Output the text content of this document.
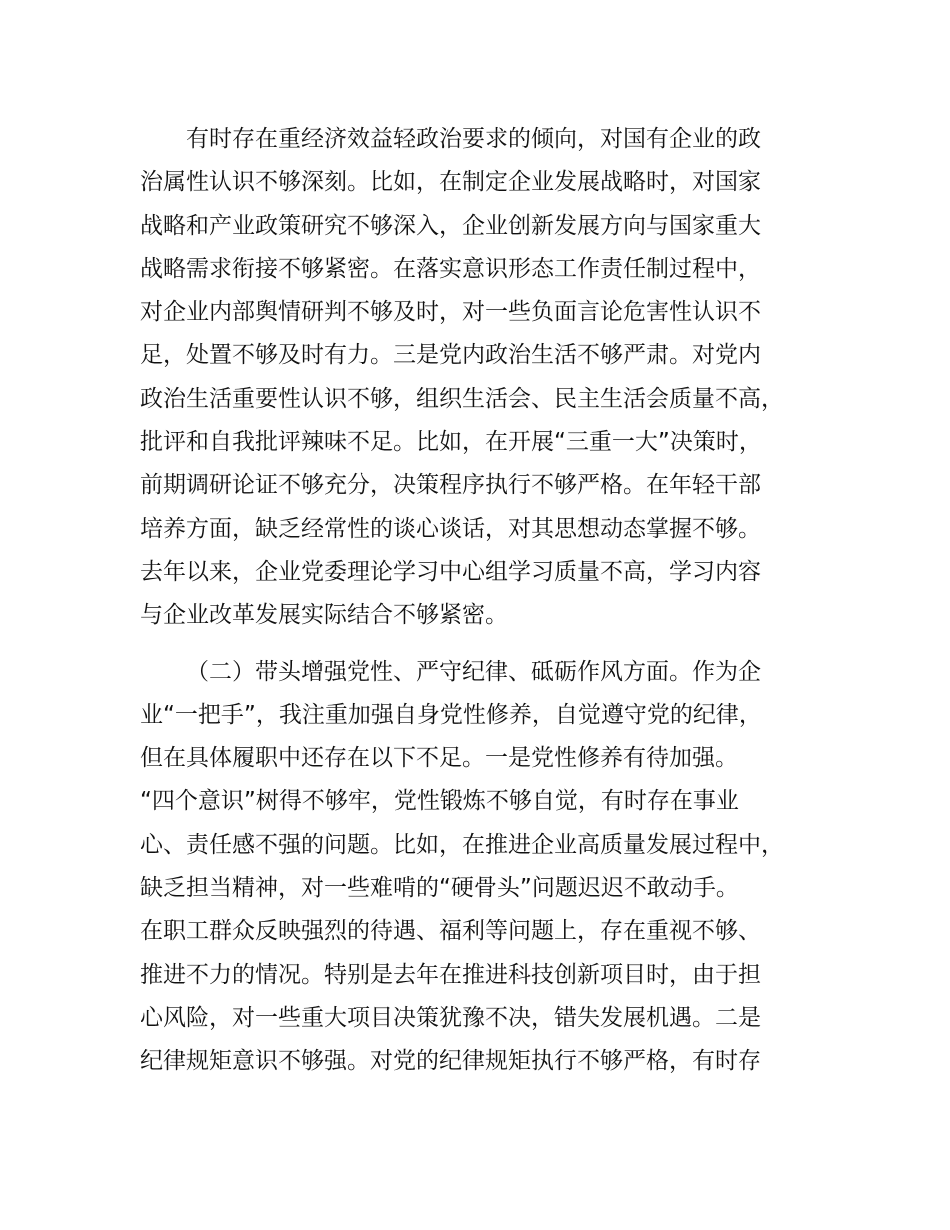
有时存在重经济效益轻政治要求的倾向，对国有企业的政
治属性认识不够深刻。比如，在制定企业发展战略时，对国家
战略和产业政策研究不够深入，企业创新发展方向与国家重大
战略需求衔接不够紧密。在落实意识形态工作责任制过程中，
对企业内部舆情研判不够及时，对一些负面言论危害性认识不
足，处置不够及时有力。三是党内政治生活不够严肃。对党内
政治生活重要性认识不够，组织生活会、民主生活会质量不高，
批评和自我批评辣味不足。比如，在开展“三重一大”决策时，
前期调研论证不够充分，决策程序执行不够严格。在年轻干部
培养方面，缺乏经常性的谈心谈话，对其思想动态掌握不够。
去年以来，企业党委理论学习中心组学习质量不高，学习内容
与企业改革发展实际结合不够紧密。
（二）带头增强党性、严守纪律、砥砺作风方面。作为企
业“一把手”，我注重加强自身党性修养，自觉遵守党的纪律，
但在具体履职中还存在以下不足。一是党性修养有待加强。
“四个意识”树得不够牢，党性锻炼不够自觉，有时存在事业
心、责任感不强的问题。比如，在推进企业高质量发展过程中，
缺乏担当精神，对一些难啃的“硬骨头”问题迟迟不敢动手。
在职工群众反映强烈的待遇、福利等问题上，存在重视不够、
推进不力的情况。特别是去年在推进科技创新项目时，由于担
心风险，对一些重大项目决策犹豫不决，错失发展机遇。二是
纪律规矩意识不够强。对党的纪律规矩执行不够严格，有时存
